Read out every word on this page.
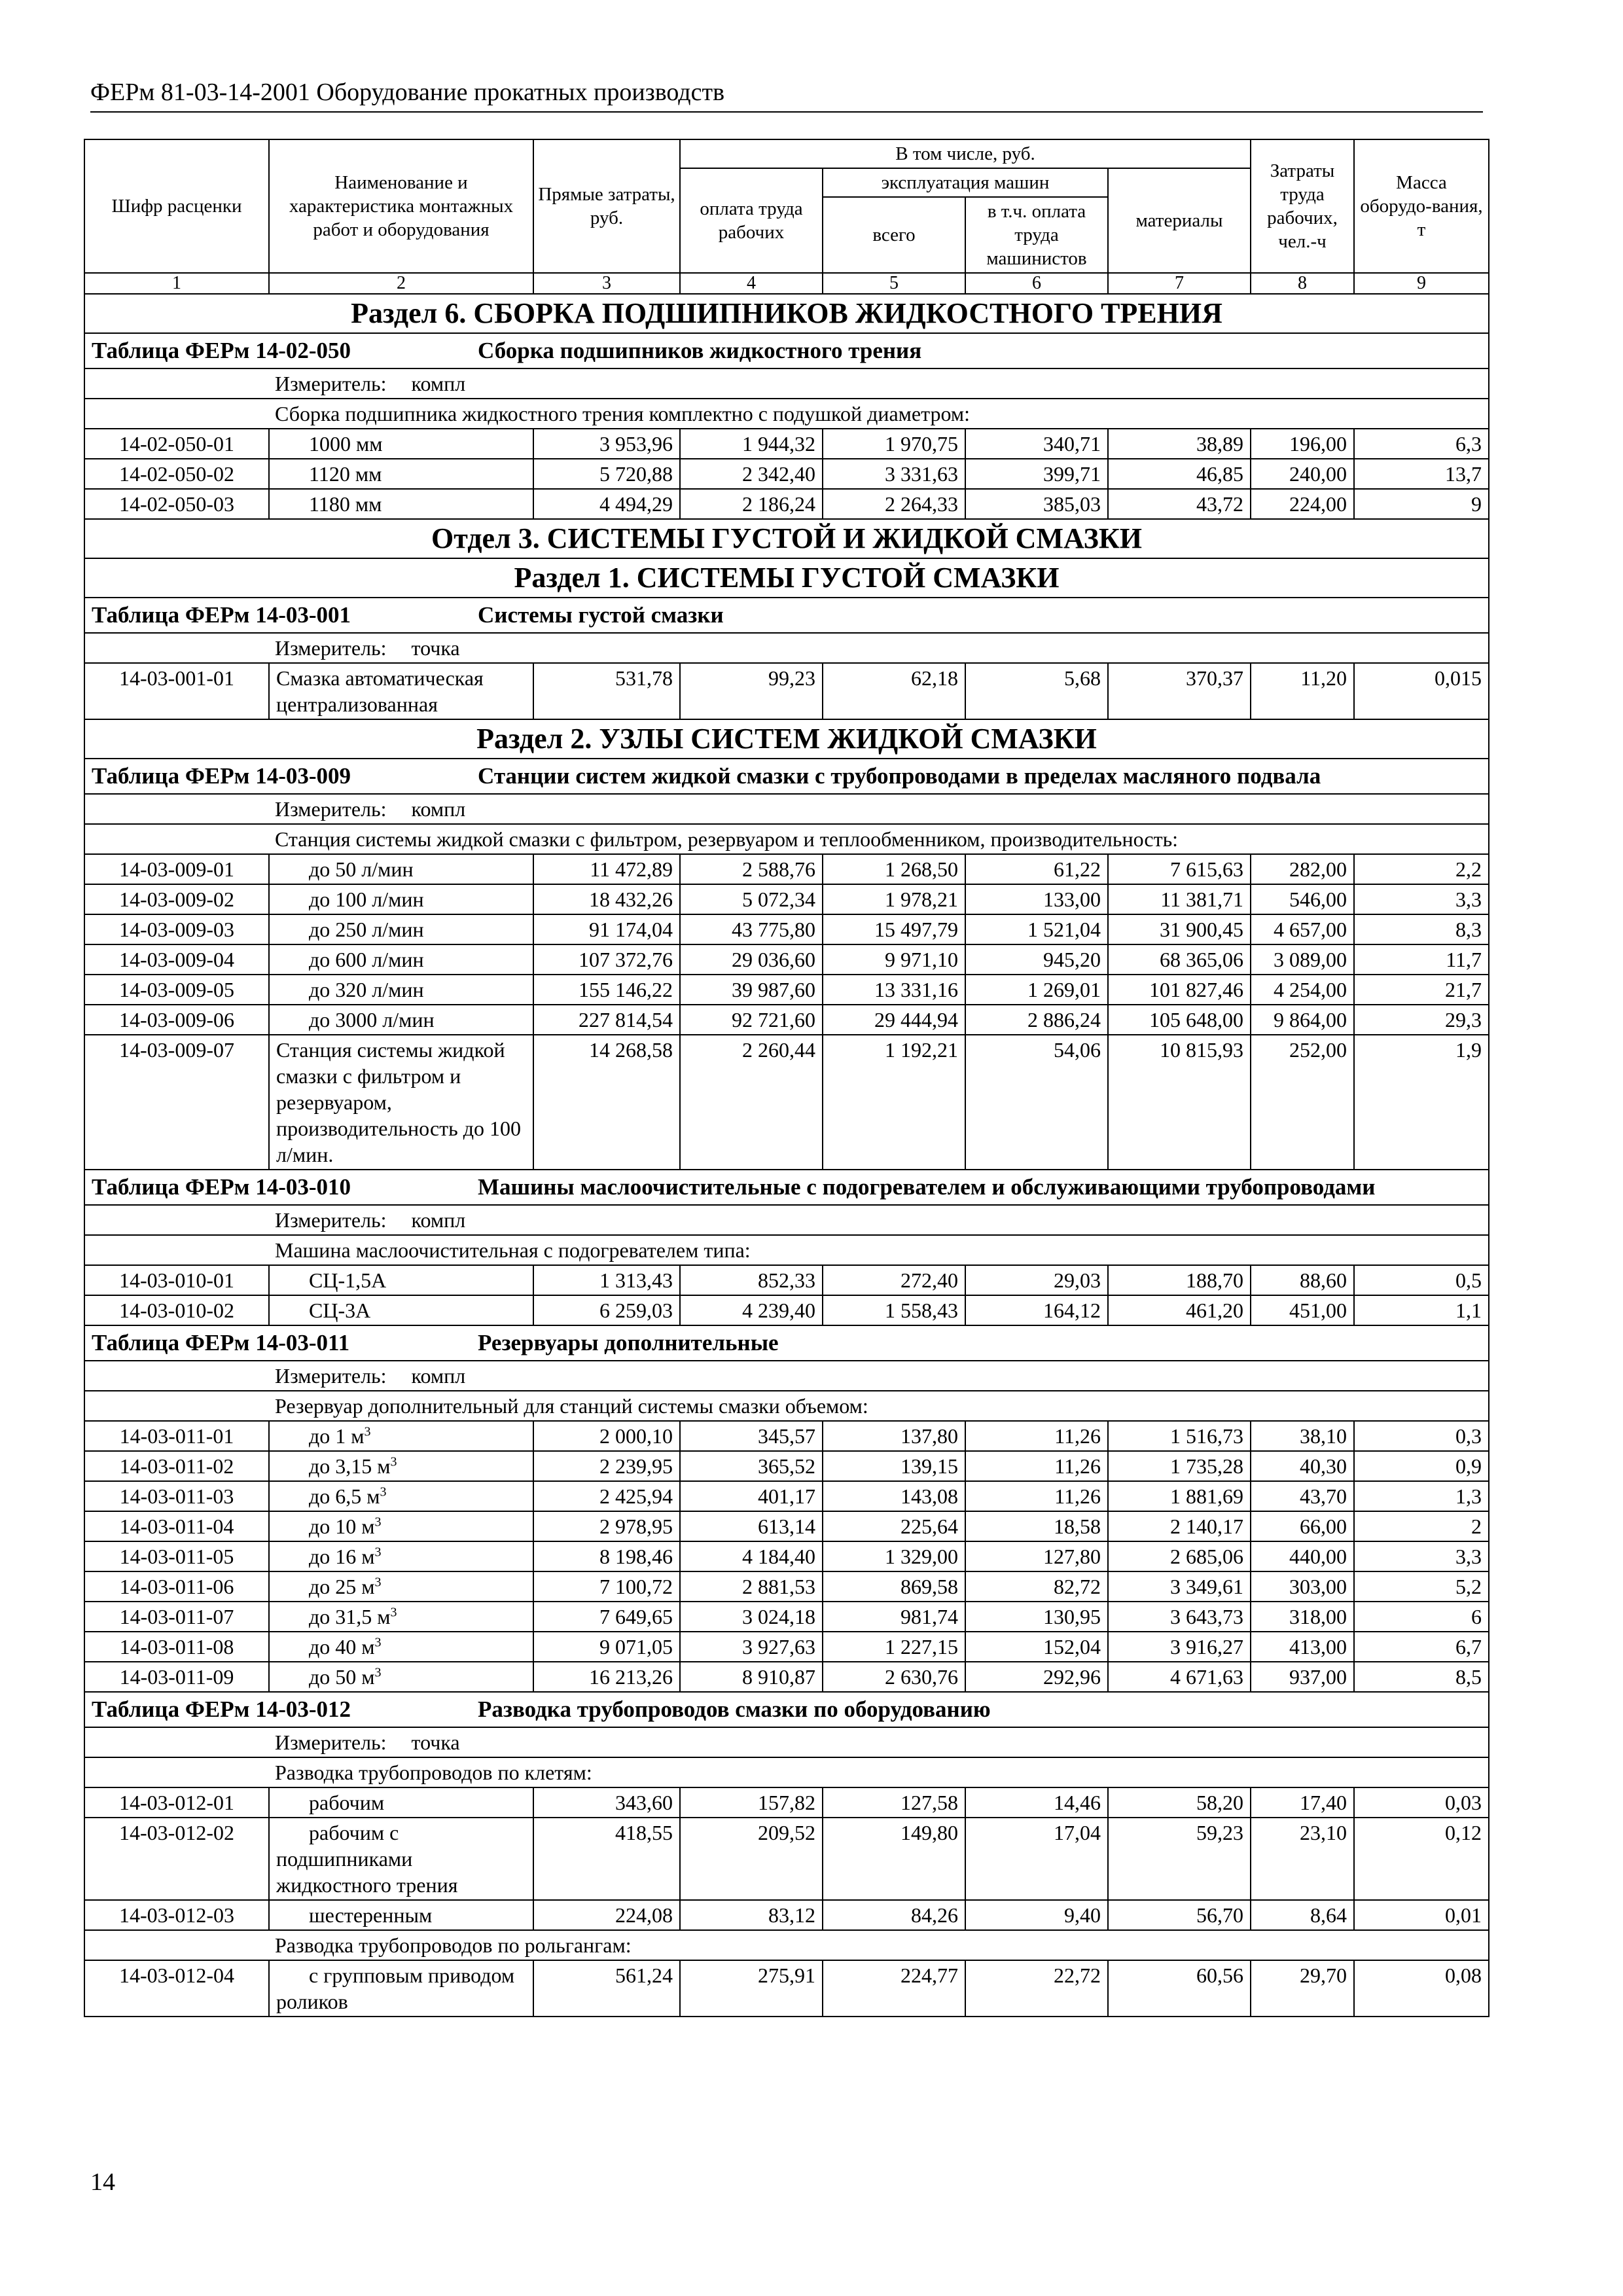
ФЕРм 81-03-14-2001 Оборудование прокатных производств
Шифр расценки	Наименование и характеристика монтажных работ и оборудования	Прямые затраты, руб.	В том числе, руб.				Затраты труда рабочих, чел.-ч	Масса оборудо-вания, т
			оплата труда рабочих	эксплуатация машин		материалы		
				всего	в т.ч. оплата труда машинистов			
1	2	3	4	5	6	7	8	9
Раздел 6. СБОРКА ПОДШИПНИКОВ ЖИДКОСТНОГО ТРЕНИЯ								
Таблица ФЕРм 14-02-050 Сборка подшипников жидкостного трения								
Измеритель: компл								
Сборка подшипника жидкостного трения комплектно с подушкой диаметром:								
14-02-050-01	1000 мм	3 953,96	1 944,32	1 970,75	340,71	38,89	196,00	6,3
14-02-050-02	1120 мм	5 720,88	2 342,40	3 331,63	399,71	46,85	240,00	13,7
14-02-050-03	1180 мм	4 494,29	2 186,24	2 264,33	385,03	43,72	224,00	9
Отдел 3. СИСТЕМЫ ГУСТОЙ И ЖИДКОЙ СМАЗКИ								
Раздел 1. СИСТЕМЫ ГУСТОЙ СМАЗКИ								
Таблица ФЕРм 14-03-001 Системы густой смазки								
Измеритель: точка								
14-03-001-01	Смазка автоматическая централизованная	531,78	99,23	62,18	5,68	370,37	11,20	0,015
Раздел 2. УЗЛЫ СИСТЕМ ЖИДКОЙ СМАЗКИ								
Таблица ФЕРм 14-03-009 Станции систем жидкой смазки с трубопроводами в пределах масляного подвала								
Измеритель: компл								
Станция системы жидкой смазки с фильтром, резервуаром и теплообменником, производительность:								
14-03-009-01	до 50 л/мин	11 472,89	2 588,76	1 268,50	61,22	7 615,63	282,00	2,2
14-03-009-02	до 100 л/мин	18 432,26	5 072,34	1 978,21	133,00	11 381,71	546,00	3,3
14-03-009-03	до 250 л/мин	91 174,04	43 775,80	15 497,79	1 521,04	31 900,45	4 657,00	8,3
14-03-009-04	до 600 л/мин	107 372,76	29 036,60	9 971,10	945,20	68 365,06	3 089,00	11,7
14-03-009-05	до 320 л/мин	155 146,22	39 987,60	13 331,16	1 269,01	101 827,46	4 254,00	21,7
14-03-009-06	до 3000 л/мин	227 814,54	92 721,60	29 444,94	2 886,24	105 648,00	9 864,00	29,3
14-03-009-07	Станция системы жидкой смазки с фильтром и резервуаром, производительность до 100 л/мин.	14 268,58	2 260,44	1 192,21	54,06	10 815,93	252,00	1,9
Таблица ФЕРм 14-03-010 Машины маслоочистительные с подогревателем и обслуживающими трубопроводами								
Измеритель: компл								
Машина маслоочистительная с подогревателем типа:								
14-03-010-01	СЦ-1,5А	1 313,43	852,33	272,40	29,03	188,70	88,60	0,5
14-03-010-02	СЦ-3А	6 259,03	4 239,40	1 558,43	164,12	461,20	451,00	1,1
Таблица ФЕРм 14-03-011 Резервуары дополнительные								
Измеритель: компл								
Резервуар дополнительный для станций системы смазки объемом:								
14-03-011-01	до 1 $м^3$	2 000,10	345,57	137,80	11,26	1 516,73	38,10	0,3
14-03-011-02	до 3,15 $м^3$	2 239,95	365,52	139,15	11,26	1 735,28	40,30	0,9
14-03-011-03	до 6,5 $м^3$	2 425,94	401,17	143,08	11,26	1 881,69	43,70	1,3
14-03-011-04	до 10 $м^3$	2 978,95	613,14	225,64	18,58	2 140,17	66,00	2
14-03-011-05	до 16 $м^3$	8 198,46	4 184,40	1 329,00	127,80	2 685,06	440,00	3,3
14-03-011-06	до 25 $м^3$	7 100,72	2 881,53	869,58	82,72	3 349,61	303,00	5,2
14-03-011-07	до 31,5 $м^3$	7 649,65	3 024,18	981,74	130,95	3 643,73	318,00	6
14-03-011-08	до 40 $м^3$	9 071,05	3 927,63	1 227,15	152,04	3 916,27	413,00	6,7
14-03-011-09	до 50 $м^3$	16 213,26	8 910,87	2 630,76	292,96	4 671,63	937,00	8,5
Таблица ФЕРм 14-03-012 Разводка трубопроводов смазки по оборудованию								
Измеритель: точка								
Разводка трубопроводов по клетям:								
14-03-012-01	рабочим	343,60	157,82	127,58	14,46	58,20	17,40	0,03
14-03-012-02	рабочим с подшипниками жидкостного трения	418,55	209,52	149,80	17,04	59,23	23,10	0,12
14-03-012-03	шестеренным	224,08	83,12	84,26	9,40	56,70	8,64	0,01
Разводка трубопроводов по рольгангам:								
14-03-012-04	с групповым приводом роликов	561,24	275,91	224,77	22,72	60,56	29,70	0,08
14
